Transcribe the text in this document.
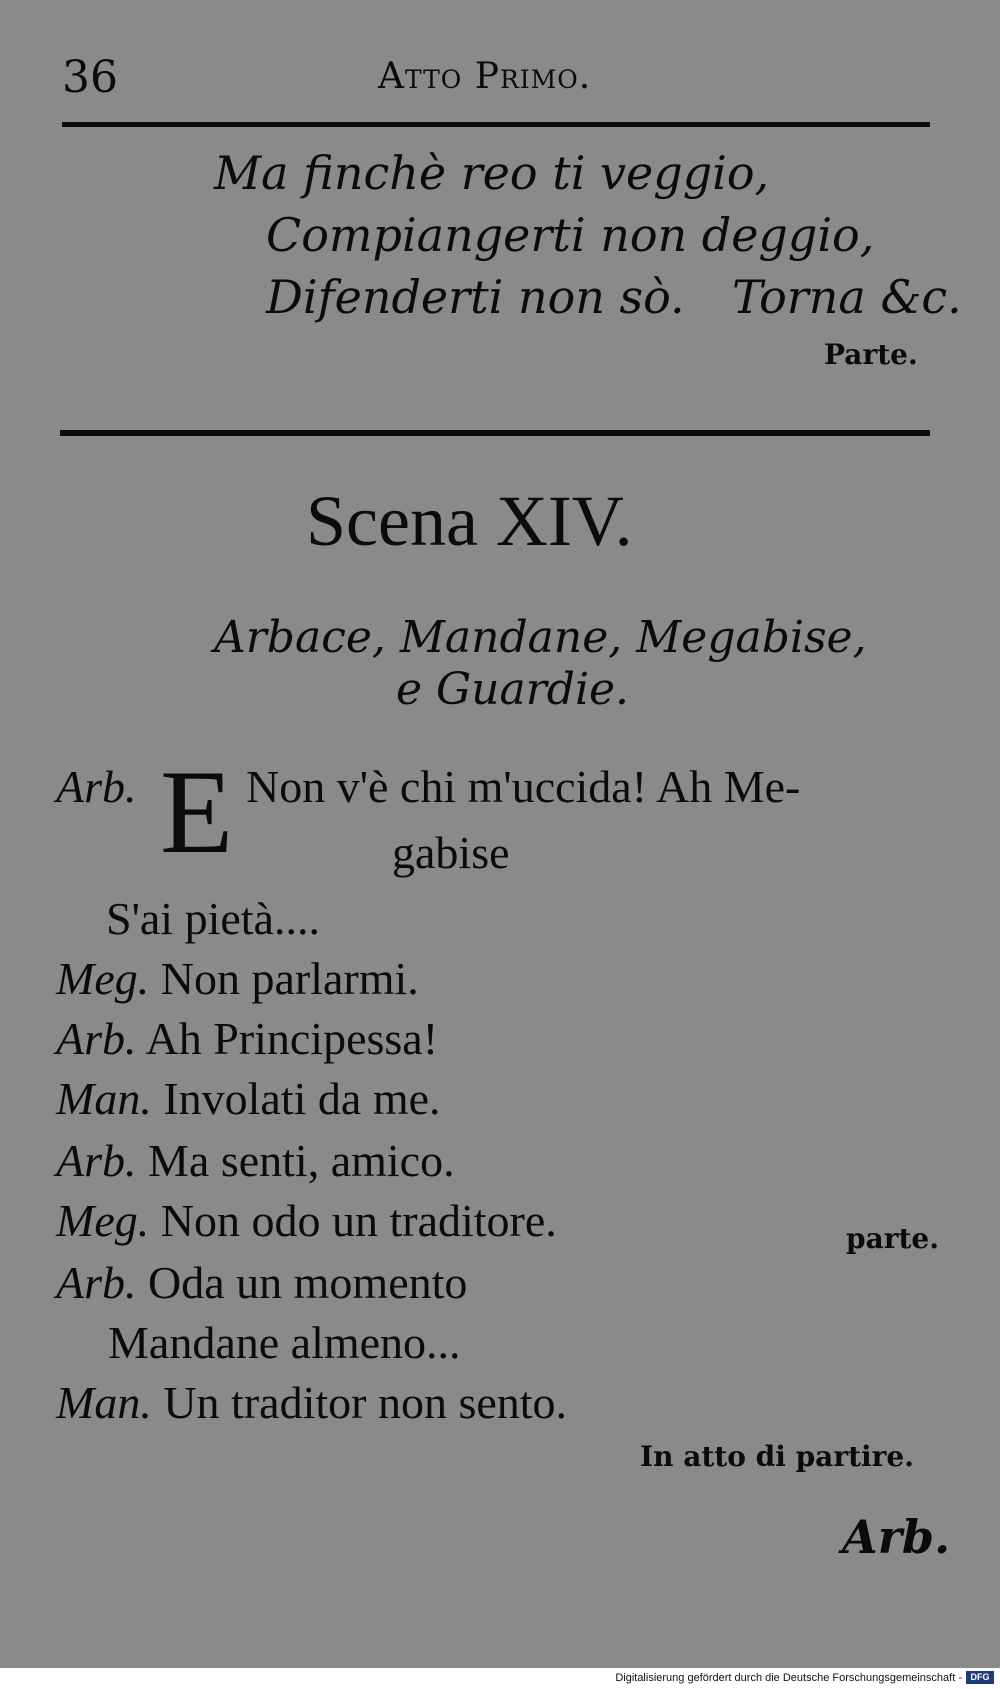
36	Atto Primo.
Ma finchè reo ti veggio,
Compiangerti non deggio,
Difenderti non sò. Torna &c.
Parte.
Scena XIV.
Arbace, Mandane, Megabise,
e Guardie.
Arb. E Non v'è chi m'uccida! Ah Me-
gabise
S'ai pietà....
Meg. Non parlarmi.
Arb. Ah Principessa!
Man. Involati da me.
Arb. Ma senti, amico.
Meg. Non odo un traditore.	parte.
Arb. Oda un momento
Mandane almeno...
Man. Un traditor non sento.
In atto di partire.
Arb.
Digitalisierung gefördert durch die Deutsche Forschungsgemeinschaft - DFG
